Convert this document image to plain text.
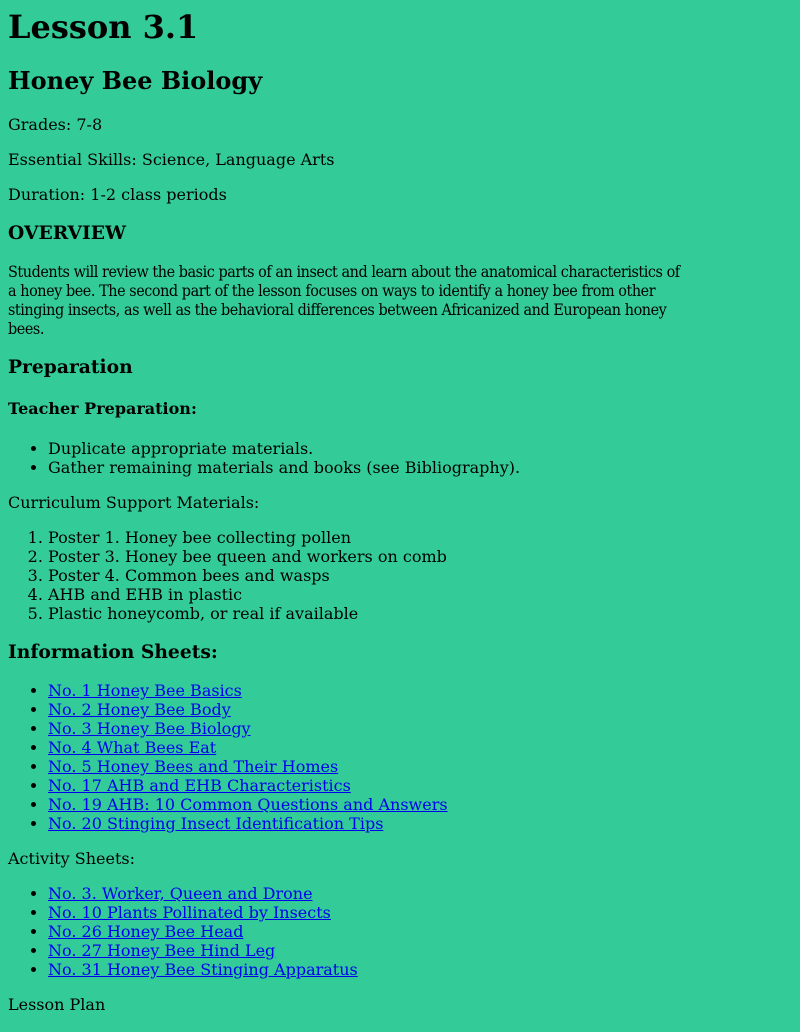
Lesson 3.1
Honey Bee Biology

Grades: 7-8

Essential Skills: Science, Language Arts

Duration: 1-2 class periods

OVERVIEW

Students will review the basic parts of an insect and learn about the anatomical characteristics of
a honey bee. The second part of the lesson focuses on ways to identify a honey bee from other
stinging insects, as well as the behavioral differences between Africanized and European honey
bees.

Preparation
Teacher Preparation:
• Duplicate appropriate materials.
• Gather remaining materials and books (see Bibliography).

Curriculum Support Materials:

1. Poster 1. Honey bee collecting pollen
2. Poster 3. Honey bee queen and workers on comb
3. Poster 4. Common bees and wasps
4. AHB and EHB in plastic
5. Plastic honeycomb, or real if available
Information Sheets:
• No. 1 Honey Bee Basics
• No. 2 Honey Bee Body
• No. 3 Honey Bee Biology
• No. 4 What Bees Eat
• No. 5 Honey Bees and Their Homes
• No. 17 AHB and EHB Characteristics
• No. 19 AHB: 10 Common Questions and Answers
• No. 20 Stinging Insect Identification Tips

Activity Sheets:

• No. 3. Worker, Queen and Drone
• No. 10 Plants Pollinated by Insects
• No. 26 Honey Bee Head
• No. 27 Honey Bee Hind Leg
• No. 31 Honey Bee Stinging Apparatus

Lesson Plan
